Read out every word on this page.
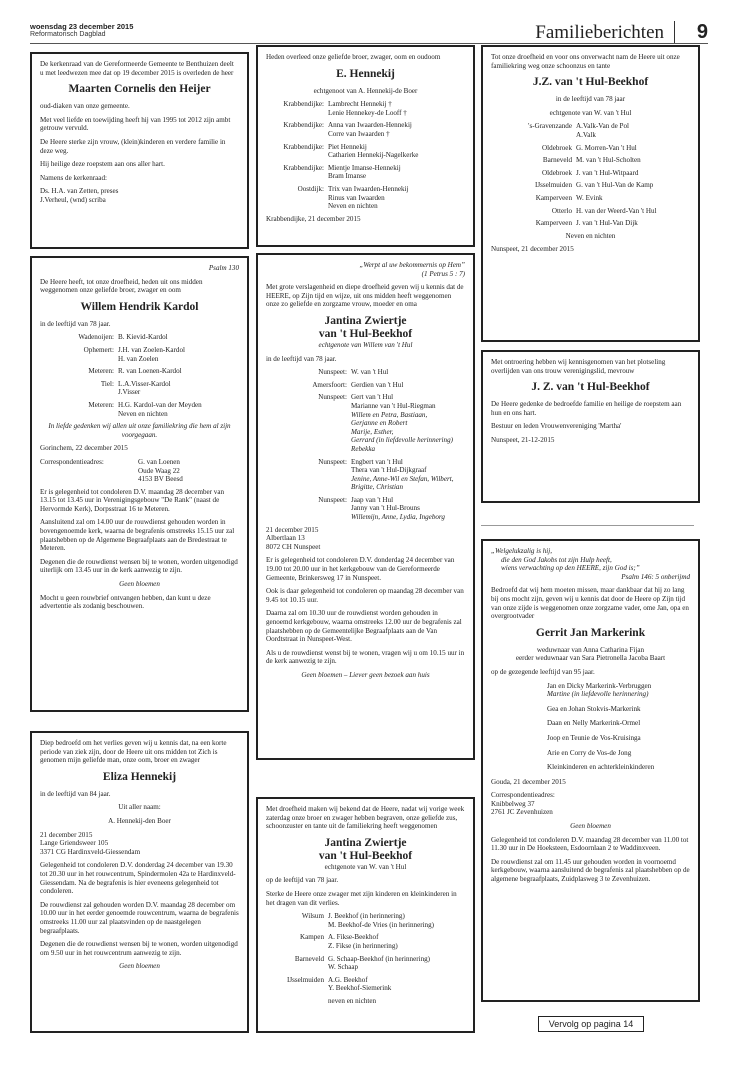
woensdag 23 december 2015
Reformatorisch Dagblad	Familieberichten	9

De kerkenraad van de Gereformeerde Gemeente te Benthuizen deelt u met leedwezen mee dat op 19 december 2015 is overleden de heer

Maarten Cornelis den Heijer

oud-diaken van onze gemeente.

Met veel liefde en toewijding heeft hij van 1995 tot 2012 zijn ambt getrouw vervuld.

De Heere sterke zijn vrouw, (klein)kinderen en verdere familie in deze weg.

Hij heilige deze roepstem aan ons aller hart.

Namens de kerkenraad:

Ds. H.A. van Zetten, preses
J.Verheul, (wnd) scriba

Psalm 130

De Heere heeft, tot onze droefheid, heden uit ons midden weggenomen onze geliefde broer, zwager en oom

Willem Hendrik Kardol

in de leeftijd van 78 jaar.

Wadenoijen: B. Kievid-Kardol
Ophemert: J.H. van Zoelen-Kardol
H. van Zoelen
Meteren: R. van Loenen-Kardol
Tiel: L.A.Visser-Kardol
J.Visser
Meteren: H.G. Kardol-van der Meyden
Neven en nichten

In liefde gedenken wij allen uit onze familiekring die hem al zijn voorgegaan.

Gorinchem, 22 december 2015

Correspondentieadres:	G. van Loenen
Oude Waag 22
4153 BV Beesd

Er is gelegenheid tot condoleren D.V. maandag 28 december van 13.15 tot 13.45 uur in Verenigingsgebouw "De Rank" (naast de Hervormde Kerk), Dorpsstraat 16 te Meteren.

Aansluitend zal om 14.00 uur de rouwdienst gehouden worden in bovengenoemde kerk, waarna de begrafenis omstreeks 15.15 uur zal plaatshebben op de Algemene Begraafplaats aan de Bredestraat te Meteren.

Degenen die de rouwdienst wensen bij te wonen, worden uitgenodigd uiterlijk om 13.45 uur in de kerk aanwezig te zijn.

Geen bloemen

Mocht u geen rouwbrief ontvangen hebben, dan kunt u deze advertentie als zodanig beschouwen.

Diep bedroefd om het verlies geven wij u kennis dat, na een korte periode van ziek zijn, door de Heere uit ons midden tot Zich is genomen mijn geliefde man, onze oom, broer en zwager

Eliza Hennekij

in de leeftijd van 84 jaar.

Uit aller naam:

A. Hennekij-den Boer

21 december 2015
Lange Griendsweer 105

3371 CG Hardinxveld-Giessendam

Gelegenheid tot condoleren D.V. donderdag 24 december van 19.30 tot 20.30 uur in het rouwcentrum, Spindermolen 42a te Hardinxveld-Giessendam. Na de begrafenis is hier eveneens gelegenheid tot condoleren.

De rouwdienst zal gehouden worden D.V. maandag 28 december om 10.00 uur in het eerder genoemde rouwcentrum, waarna de begrafenis omstreeks 11.00 uur zal plaatsvinden op de naastgelegen begraafplaats.

Degenen die de rouwdienst wensen bij te wonen, worden uitgenodigd om 9.50 uur in het rouwcentrum aanwezig te zijn.

Geen bloemen

Heden overleed onze geliefde broer, zwager, oom en oudoom

E. Hennekij

echtgenoot van A. Hennekij-de Boer

Krabbendijke: Lambrecht Hennekij †
Lenie Hennekey-de Looff †
Krabbendijke: Anna van Iwaarden-Hennekij
Corre van Iwaarden †
Krabbendijke: Piet Hennekij
Catharien Hennekij-Nagelkerke
Krabbendijke: Mientje Imanse-Hennekij
Bram Imanse
Oostdijk: Trix van Iwaarden-Hennekij
Rinus van Iwaarden
Neven en nichten

Krabbendijke, 21 december 2015

„Werpt al uw bekommernis op Hem”

(1 Petrus 5 : 7)

Met grote verslagenheid en diepe droefheid geven wij u kennis dat de HEERE, op Zijn tijd en wijze, uit ons midden heeft weggenomen onze zo geliefde en zorgzame vrouw, moeder en oma

Jantina Zwiertje
van 't Hul-Beekhof

echtgenote van Willem van 't Hul

in de leeftijd van 78 jaar.

Nunspeet: W. van 't Hul
Amersfoort: Gerdien van 't Hul
Nunspeet: Gert van 't Hul
Marianne van 't Hul-Riegman
Willem en Petra, Bastiaan,
Gerjanne en Robert
Marije, Esther,
Gerrard (in liefdevolle herinnering)
Rebekka
Nunspeet: Engbert van 't Hul
Thera van 't Hul-Dijkgraaf
Jenine, Anne-Wil en Stefan, Wilbert,
Brigitte, Christian
Nunspeet: Jaap van 't Hul
Janny van 't Hul-Brouns
Willemijn, Anne, Lydia, Ingeborg
21 december 2015
Albertlaan 13

8072 CH Nunspeet

Er is gelegenheid tot condoleren D.V. donderdag 24 december van 19.00 tot 20.00 uur in het kerkgebouw van de Gereformeerde Gemeente, Brinkersweg 17 in Nunspeet.

Ook is daar gelegenheid tot condoleren op maandag 28 december van 9.45 tot 10.15 uur.

Daarna zal om 10.30 uur de rouwdienst worden gehouden in genoemd kerkgebouw, waarna omstreeks 12.00 uur de begrafenis zal plaatshebben op de Gemeentelijke Begraafplaats aan de Van Oordtstraat in Nunspeet-West.

Als u de rouwdienst wenst bij te wonen, vragen wij u om 10.15 uur in de kerk aanwezig te zijn.

Geen bloemen – Liever geen bezoek aan huis

Met droefheid maken wij bekend dat de Heere, nadat wij vorige week zaterdag onze broer en zwager hebben begraven, onze geliefde zus, schoonzuster en tante uit de familiekring heeft weggenomen

Jantina Zwiertje
van 't Hul-Beekhof

echtgenote van W. van 't Hul

op de leeftijd van 78 jaar.

Sterke de Heere onze zwager met zijn kinderen en kleinkinderen in het dragen van dit verlies.

Wilsum J. Beekhof (in herinnering)
M. Beekhof-de Vries (in herinnering)
Kampen A. Fikse-Beekhof
Z. Fikse (in herinnering)
Barneveld G. Schaap-Beekhof (in herinnering)
W. Schaap
IJsselmuiden A.G. Beekhof
Y. Beekhof-Siemerink

neven en nichten

Tot onze droefheid en voor ons onverwacht nam de Heere uit onze familiekring weg onze schoonzus en tante

J.Z. van 't Hul-Beekhof

in de leeftijd van 78 jaar

echtgenote van W. van 't Hul

's-Gravenzande A.Valk-Van de Pol
A.Valk
Oldebroek G. Morren-Van 't Hul
Barneveld M. van 't Hul-Scholten
Oldebroek J. van 't Hul-Witpaard
IJsselmuiden G. van 't Hul-Van de Kamp
Kamperveen W. Evink
Otterlo H. van der Weerd-Van 't Hul
Kamperveen J. van 't Hul-Van Dijk

Neven en nichten

Nunspeet, 21 december 2015

Met ontroering hebben wij kennisgenomen van het plotseling overlijden van ons trouw verenigingslid, mevrouw

J. Z. van 't Hul-Beekhof

De Heere gedenke de bedroefde familie en heilige de roepstem aan hun en ons hart.

Bestuur en leden Vrouwenvereniging 'Martha'

Nunspeet, 21-12-2015

„Welgelukzalig is hij,
die den God Jakobs tot zijn Hulp heeft,
wiens verwachting op den HEERE, zijn God is;”

Psalm 146: 5 onberijmd

Bedroefd dat wij hem moeten missen, maar dankbaar dat hij zo lang bij ons mocht zijn, geven wij u kennis dat door de Heere op Zijn tijd van onze zijde is weggenomen onze zorgzame vader, ome Jan, opa en overgrootvader

Gerrit Jan Markerink
weduwnaar van Anna Catharina Fijan

eerder weduwnaar van Sara Pietronella Jacoba Baart

op de gezegende leeftijd van 95 jaar.

Jan en Dicky Markerink-Verbruggen
Martine (in liefdevolle herinnering)

Gea en Johan Stokvis-Markerink

Daan en Nelly Markerink-Ormel

Joop en Teunie de Vos-Kruisinga

Arie en Corry de Vos-de Jong

Kleinkinderen en achterkleinkinderen

Gouda, 21 december 2015

Correspondentieadres:
Knibbelweg 37

2761 JC Zevenhuizen

Geen bloemen

Gelegenheid tot condoleren D.V. maandag 28 december van 11.00 tot 11.30 uur in De Hoeksteen, Esdoornlaan 2 te Waddinxveen.

De rouwdienst zal om 11.45 uur gehouden worden in voornoemd kerkgebouw, waarna aansluitend de begrafenis zal plaatshebben op de algemene begraafplaats, Zuidplasweg 3 te Zevenhuizen.

Vervolg op pagina 14
